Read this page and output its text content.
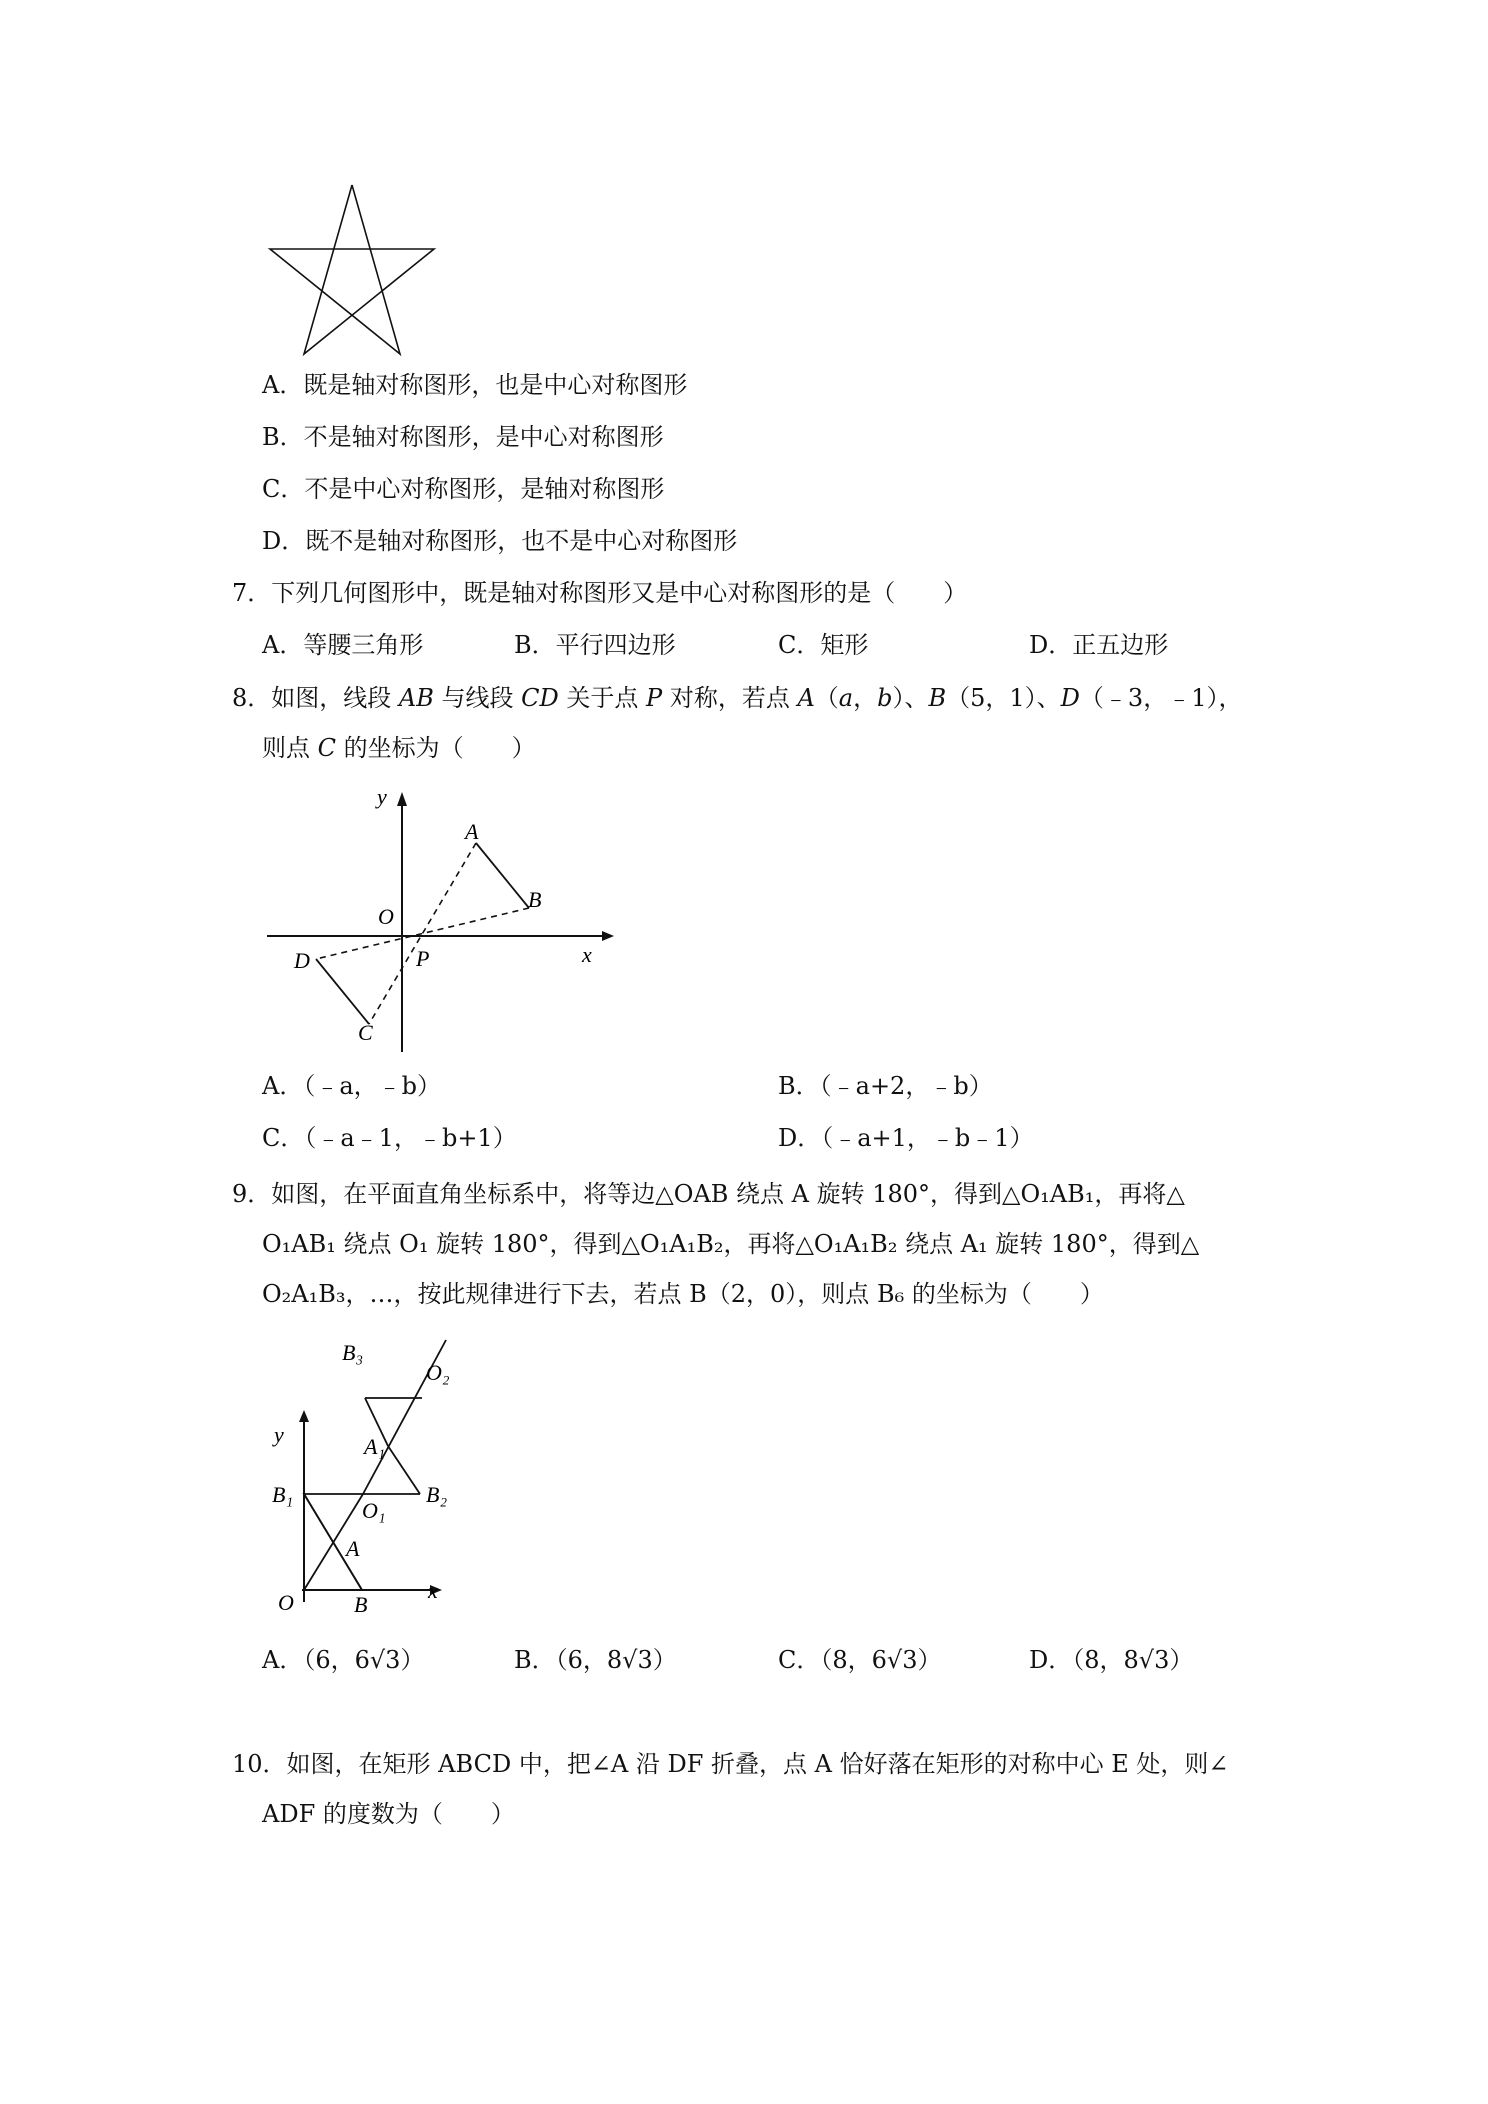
A．既是轴对称图形，也是中心对称图形
B．不是轴对称图形，是中心对称图形
C．不是中心对称图形，是轴对称图形
D．既不是轴对称图形，也不是中心对称图形
7．下列几何图形中，既是轴对称图形又是中心对称图形的是（　　）
A．等腰三角形	B．平行四边形	C．矩形	D．正五边形
8．如图，线段 AB 与线段 CD 关于点 P 对称，若点 A（a，b）、B（5，1）、D（﹣3，﹣1），
则点 C 的坐标为（　　）
y
x
O
P
A
B
D
C
A．（﹣a，﹣b）	B．（﹣a+2，﹣b）
C．（﹣a﹣1，﹣b+1）	D．（﹣a+1，﹣b﹣1）
9．如图，在平面直角坐标系中，将等边△OAB 绕点 A 旋转 180°，得到△O₁AB₁，再将△
O₁AB₁ 绕点 O₁ 旋转 180°，得到△O₁A₁B₂，再将△O₁A₁B₂ 绕点 A₁ 旋转 180°，得到△
O₂A₁B₃，…，按此规律进行下去，若点 B（2，0），则点 B₆ 的坐标为（　　）
y
x
O	B
A
B₁
O₁
B₂
A₁
B₃
O₂
A．（6，6√3）	B．（6，8√3）	C．（8，6√3）	D．（8，8√3）
10．如图，在矩形 ABCD 中，把∠A 沿 DF 折叠，点 A 恰好落在矩形的对称中心 E 处，则∠
ADF 的度数为（　　）
